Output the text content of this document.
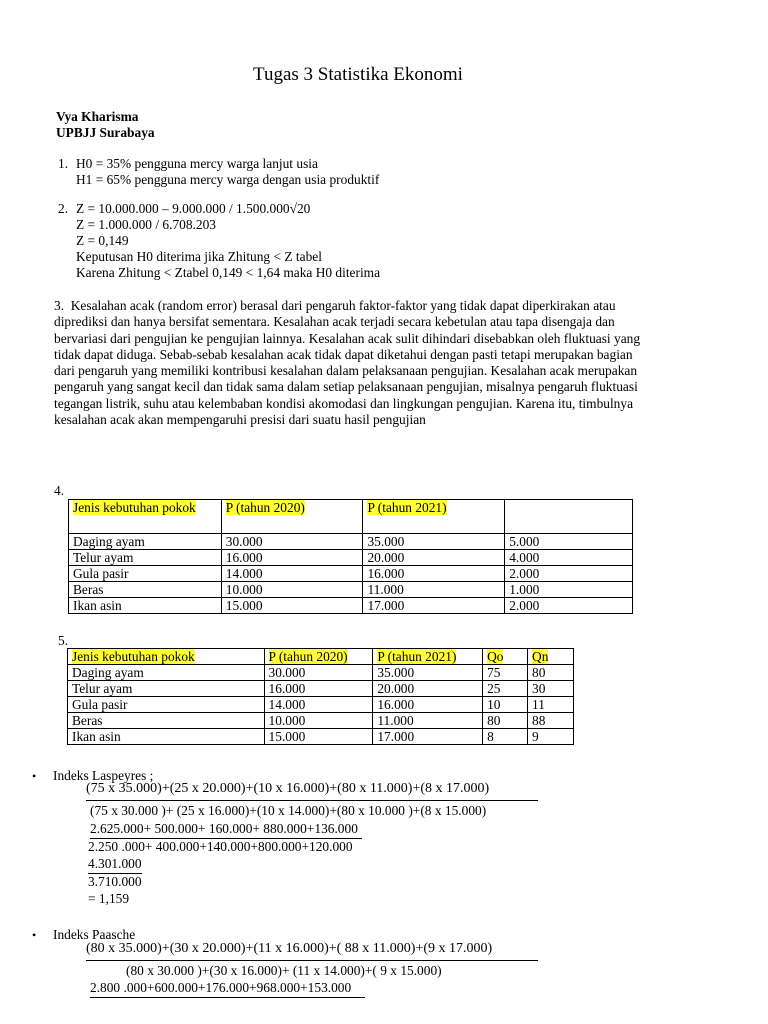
Tugas 3 Statistika Ekonomi
Vya Kharisma
UPBJJ Surabaya
1. H0 = 35% pengguna mercy warga lanjut usia
H1 = 65% pengguna mercy warga dengan usia produktif
2. Z = 10.000.000 – 9.000.000 / 1.500.000√20
Z = 1.000.000 / 6.708.203
Z = 0,149
Keputusan H0 diterima jika Zhitung < Z tabel
Karena Zhitung < Ztabel 0,149 < 1,64 maka H0 diterima
3. Kesalahan acak (random error) berasal dari pengaruh faktor-faktor yang tidak dapat diperkirakan atau diprediksi dan hanya bersifat sementara. Kesalahan acak terjadi secara kebetulan atau tapa disengaja dan bervariasi dari pengujian ke pengujian lainnya. Kesalahan acak sulit dihindari disebabkan oleh fluktuasi yang tidak dapat diduga. Sebab-sebab kesalahan acak tidak dapat diketahui dengan pasti tetapi merupakan bagian dari pengaruh yang memiliki kontribusi kesalahan dalam pelaksanaan pengujian. Kesalahan acak merupakan pengaruh yang sangat kecil dan tidak sama dalam setiap pelaksanaan pengujian, misalnya pengaruh fluktuasi tegangan listrik, suhu atau kelembaban kondisi akomodasi dan lingkungan pengujian. Karena itu, timbulnya kesalahan acak akan mempengaruhi presisi dari suatu hasil pengujian
4.
Jenis kebutuhan pokok	P (tahun 2020)	P (tahun 2021)	
Daging ayam	30.000	35.000	5.000
Telur ayam	16.000	20.000	4.000
Gula pasir	14.000	16.000	2.000
Beras	10.000	11.000	1.000
Ikan asin	15.000	17.000	2.000
5.
Jenis kebutuhan pokok	P (tahun 2020)	P (tahun 2021)	Qo	Qn
Daging ayam	30.000	35.000	75	80
Telur ayam	16.000	20.000	25	30
Gula pasir	14.000	16.000	10	11
Beras	10.000	11.000	80	88
Ikan asin	15.000	17.000	8	9
• Indeks Laspeyres ;
(75 x 35.000)+(25 x 20.000)+(10 x 16.000)+(80 x 11.000)+(8 x 17.000)
(75 x 30.000 )+ (25 x 16.000)+(10 x 14.000)+(80 x 10.000 )+(8 x 15.000)
2.625.000+ 500.000+ 160.000+ 880.000+136.000
2.250 .000+ 400.000+140.000+800.000+120.000
4.301.000
3.710.000
= 1,159
• Indeks Paasche
(80 x 35.000)+(30 x 20.000)+(11 x 16.000)+( 88 x 11.000)+(9 x 17.000)
(80 x 30.000 )+(30 x 16.000)+ (11 x 14.000)+( 9 x 15.000)
2.800 .000+600.000+176.000+968.000+153.000
